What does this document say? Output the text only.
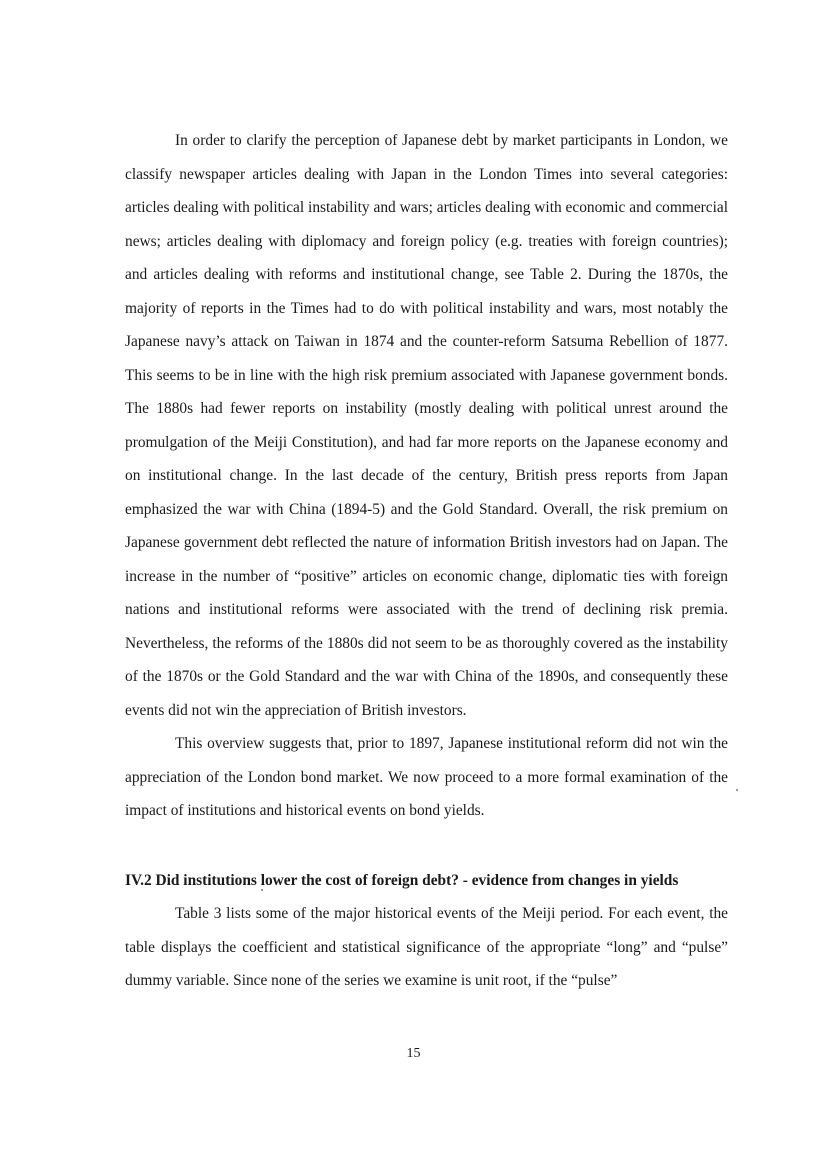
In order to clarify the perception of Japanese debt by market participants in London, we classify newspaper articles dealing with Japan in the London Times into several categories: articles dealing with political instability and wars; articles dealing with economic and commercial news; articles dealing with diplomacy and foreign policy (e.g. treaties with foreign countries); and articles dealing with reforms and institutional change, see Table 2. During the 1870s, the majority of reports in the Times had to do with political instability and wars, most notably the Japanese navy’s attack on Taiwan in 1874 and the counter-reform Satsuma Rebellion of 1877. This seems to be in line with the high risk premium associated with Japanese government bonds. The 1880s had fewer reports on instability (mostly dealing with political unrest around the promulgation of the Meiji Constitution), and had far more reports on the Japanese economy and on institutional change. In the last decade of the century, British press reports from Japan emphasized the war with China (1894-5) and the Gold Standard. Overall, the risk premium on Japanese government debt reflected the nature of information British investors had on Japan. The increase in the number of “positive” articles on economic change, diplomatic ties with foreign nations and institutional reforms were associated with the trend of declining risk premia. Nevertheless, the reforms of the 1880s did not seem to be as thoroughly covered as the instability of the 1870s or the Gold Standard and the war with China of the 1890s, and consequently these events did not win the appreciation of British investors.

This overview suggests that, prior to 1897, Japanese institutional reform did not win the appreciation of the London bond market. We now proceed to a more formal examination of the impact of institutions and historical events on bond yields.

IV.2 Did institutions lower the cost of foreign debt? - evidence from changes in yields

Table 3 lists some of the major historical events of the Meiji period. For each event, the table displays the coefficient and statistical significance of the appropriate “long” and “pulse” dummy variable. Since none of the series we examine is unit root, if the “pulse”

15
